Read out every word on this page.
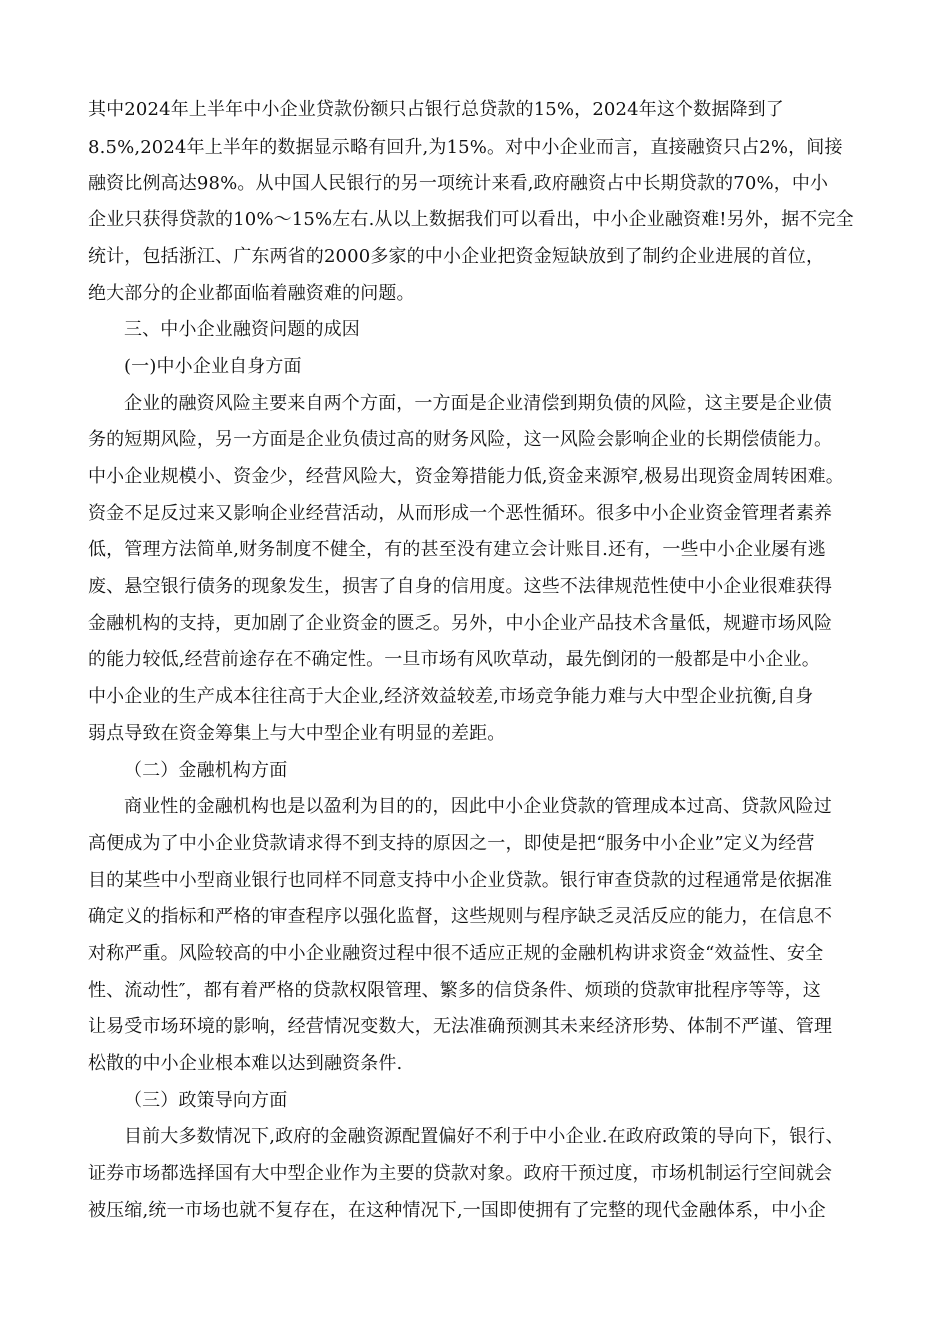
其中2024年上半年中小企业贷款份额只占银行总贷款的15%，2024年这个数据降到了
8.5%,2024年上半年的数据显示略有回升,为15%。对中小企业而言，直接融资只占2%，间接
融资比例高达98%。从中国人民银行的另一项统计来看,政府融资占中长期贷款的70%，中小
企业只获得贷款的10%～15%左右.从以上数据我们可以看出，中小企业融资难!另外，据不完全
统计，包括浙江、广东两省的2000多家的中小企业把资金短缺放到了制约企业进展的首位，
绝大部分的企业都面临着融资难的问题。
三、中小企业融资问题的成因
(一)中小企业自身方面
企业的融资风险主要来自两个方面，一方面是企业清偿到期负债的风险，这主要是企业债
务的短期风险，另一方面是企业负债过高的财务风险，这一风险会影响企业的长期偿债能力。
中小企业规模小、资金少，经营风险大，资金筹措能力低,资金来源窄,极易出现资金周转困难。
资金不足反过来又影响企业经营活动，从而形成一个恶性循环。很多中小企业资金管理者素养
低，管理方法简单,财务制度不健全，有的甚至没有建立会计账目.还有，一些中小企业屡有逃
废、悬空银行债务的现象发生，损害了自身的信用度。这些不法律规范性使中小企业很难获得
金融机构的支持，更加剧了企业资金的匮乏。另外，中小企业产品技术含量低，规避市场风险
的能力较低,经营前途存在不确定性。一旦市场有风吹草动，最先倒闭的一般都是中小企业。
中小企业的生产成本往往高于大企业,经济效益较差,市场竞争能力难与大中型企业抗衡,自身
弱点导致在资金筹集上与大中型企业有明显的差距。
（二）金融机构方面
商业性的金融机构也是以盈利为目的的，因此中小企业贷款的管理成本过高、贷款风险过
高便成为了中小企业贷款请求得不到支持的原因之一，即使是把“服务中小企业”定义为经营
目的某些中小型商业银行也同样不同意支持中小企业贷款。银行审查贷款的过程通常是依据准
确定义的指标和严格的审查程序以强化监督，这些规则与程序缺乏灵活反应的能力，在信息不
对称严重。风险较高的中小企业融资过程中很不适应正规的金融机构讲求资金“效益性、安全
性、流动性″，都有着严格的贷款权限管理、繁多的信贷条件、烦琐的贷款审批程序等等，这
让易受市场环境的影响，经营情况变数大，无法准确预测其未来经济形势、体制不严谨、管理
松散的中小企业根本难以达到融资条件.
（三）政策导向方面
目前大多数情况下,政府的金融资源配置偏好不利于中小企业.在政府政策的导向下，银行、
证券市场都选择国有大中型企业作为主要的贷款对象。政府干预过度，市场机制运行空间就会
被压缩,统一市场也就不复存在，在这种情况下,一国即使拥有了完整的现代金融体系，中小企
